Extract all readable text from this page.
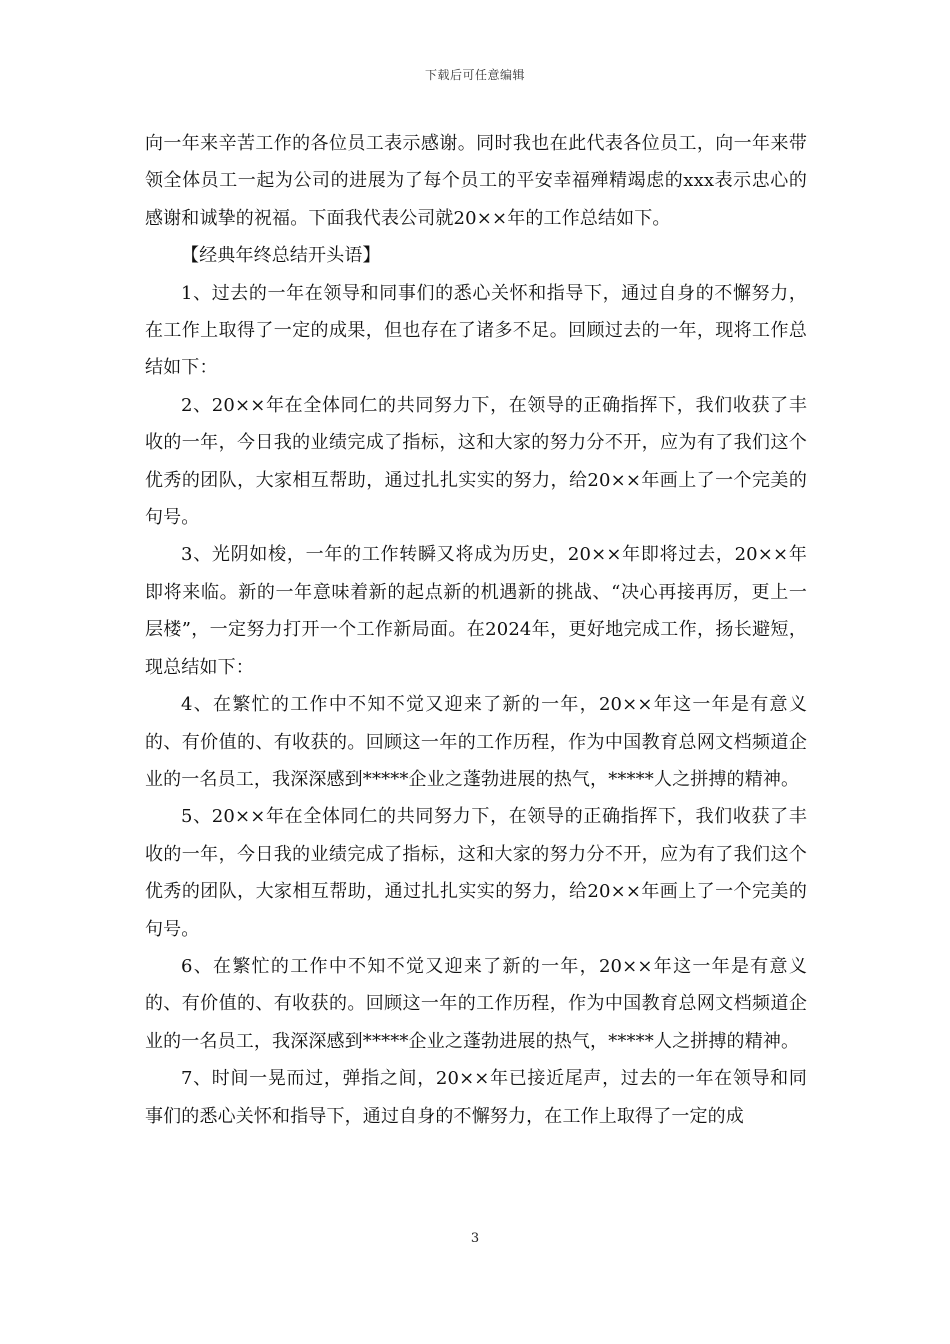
下载后可任意编辑

向一年来辛苦工作的各位员工表示感谢。同时我也在此代表各位员工，向一年来带领全体员工一起为公司的进展为了每个员工的平安幸福殚精竭虑的xxx表示忠心的感谢和诚挚的祝福。下面我代表公司就20××年的工作总结如下。

【经典年终总结开头语】

1、过去的一年在领导和同事们的悉心关怀和指导下，通过自身的不懈努力，在工作上取得了一定的成果，但也存在了诸多不足。回顾过去的一年，现将工作总结如下：

2、20××年在全体同仁的共同努力下，在领导的正确指挥下，我们收获了丰收的一年，今日我的业绩完成了指标，这和大家的努力分不开，应为有了我们这个优秀的团队，大家相互帮助，通过扎扎实实的努力，给20××年画上了一个完美的句号。

3、光阴如梭，一年的工作转瞬又将成为历史，20××年即将过去，20××年即将来临。新的一年意味着新的起点新的机遇新的挑战、“决心再接再厉，更上一层楼”，一定努力打开一个工作新局面。在2024年，更好地完成工作，扬长避短，现总结如下：

4、在繁忙的工作中不知不觉又迎来了新的一年，20××年这一年是有意义的、有价值的、有收获的。回顾这一年的工作历程，作为中国教育总网文档频道企业的一名员工，我深深感到*****企业之蓬勃进展的热气，*****人之拼搏的精神。

5、20××年在全体同仁的共同努力下，在领导的正确指挥下，我们收获了丰收的一年，今日我的业绩完成了指标，这和大家的努力分不开，应为有了我们这个优秀的团队，大家相互帮助，通过扎扎实实的努力，给20××年画上了一个完美的句号。

6、在繁忙的工作中不知不觉又迎来了新的一年，20××年这一年是有意义的、有价值的、有收获的。回顾这一年的工作历程，作为中国教育总网文档频道企业的一名员工，我深深感到*****企业之蓬勃进展的热气，*****人之拼搏的精神。

7、时间一晃而过，弹指之间，20××年已接近尾声，过去的一年在领导和同事们的悉心关怀和指导下，通过自身的不懈努力，在工作上取得了一定的成

3
